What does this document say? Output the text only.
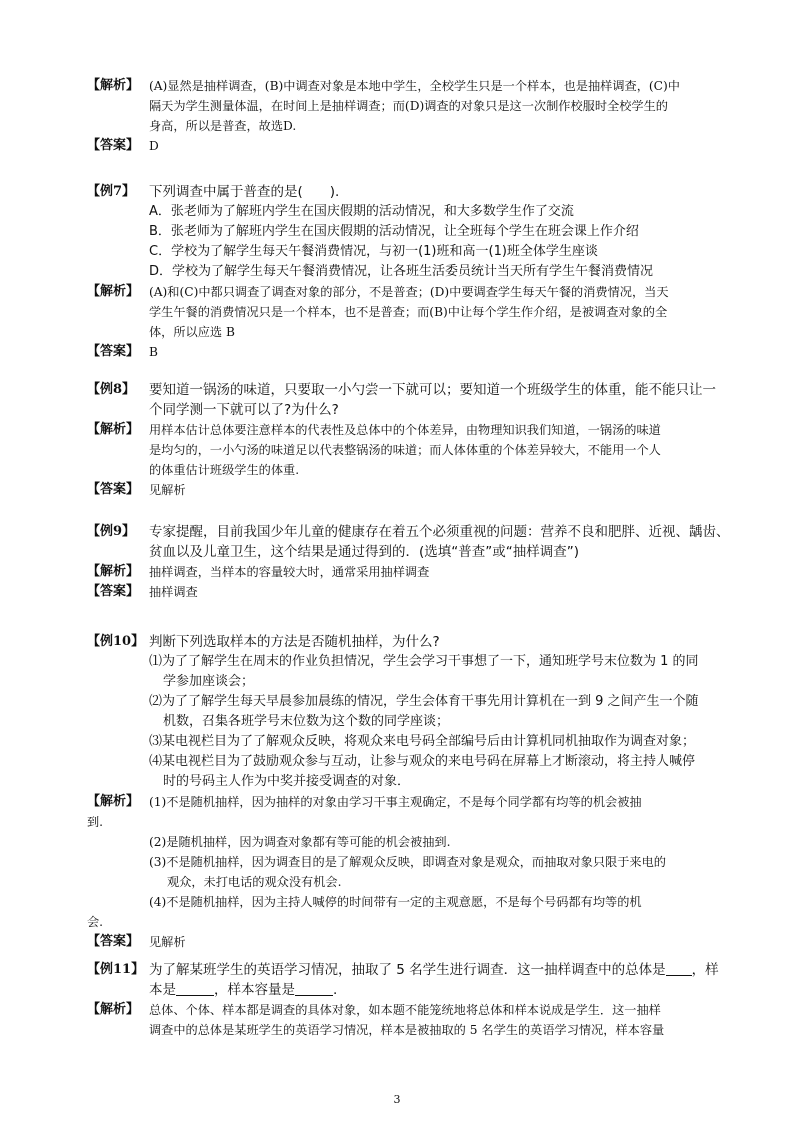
【解析】 (A)显然是抽样调查，(B)中调查对象是本地中学生，全校学生只是一个样本，也是抽样调查，(C)中
隔天为学生测量体温，在时间上是抽样调查；而(D)调查的对象只是这一次制作校服时全校学生的
身高，所以是普查，故选D.
【答案】 D
【例7】	下列调查中属于普查的是(　　).
A．张老师为了解班内学生在国庆假期的活动情况，和大多数学生作了交流
B．张老师为了解班内学生在国庆假期的活动情况，让全班每个学生在班会课上作介绍
C．学校为了解学生每天午餐消费情况，与初一(1)班和高一(1)班全体学生座谈
D．学校为了解学生每天午餐消费情况，让各班生活委员统计当天所有学生午餐消费情况
【解析】 (A)和(C)中都只调查了调查对象的部分，不是普查；(D)中要调查学生每天午餐的消费情况，当天
学生午餐的消费情况只是一个样本，也不是普查；而(B)中让每个学生作介绍，是被调查对象的全
体，所以应选 B
【答案】 B
【例8】	要知道一锅汤的味道，只要取一小勺尝一下就可以；要知道一个班级学生的体重，能不能只让一
个同学测一下就可以了?为什么?
【解析】 用样本估计总体要注意样本的代表性及总体中的个体差异，由物理知识我们知道，一锅汤的味道
是均匀的，一小勺汤的味道足以代表整锅汤的味道；而人体体重的个体差异较大，不能用一个人
的体重估计班级学生的体重.
【答案】 见解析
【例9】	专家提醒，目前我国少年儿童的健康存在着五个必须重视的问题：营养不良和肥胖、近视、龋齿、
贫血以及儿童卫生，这个结果是通过得到的．(选填“普查”或“抽样调查”)
【解析】 抽样调查，当样本的容量较大时，通常采用抽样调查
【答案】 抽样调查
【例10】 判断下列选取样本的方法是否随机抽样，为什么?
⑴为了了解学生在周末的作业负担情况，学生会学习干事想了一下，通知班学号末位数为 1 的同
学参加座谈会；
⑵为了了解学生每天早晨参加晨练的情况，学生会体育干事先用计算机在一到 9 之间产生一个随
机数，召集各班学号末位数为这个数的同学座谈；
⑶某电视栏目为了了解观众反映，将观众来电号码全部编号后由计算机同机抽取作为调查对象；
⑷某电视栏目为了鼓励观众参与互动，让参与观众的来电号码在屏幕上才断滚动，将主持人喊停
时的号码主人作为中奖并接受调查的对象．
【解析】 (1)不是随机抽样，因为抽样的对象由学习干事主观确定，不是每个同学都有均等的机会被抽
到.
(2)是随机抽样，因为调查对象都有等可能的机会被抽到.
(3)不是随机抽样，因为调查目的是了解观众反映，即调查对象是观众，而抽取对象只限于来电的
观众，未打电话的观众没有机会.
(4)不是随机抽样，因为主持人喊停的时间带有一定的主观意愿，不是每个号码都有均等的机
会.
【答案】 见解析
【例11】 为了解某班学生的英语学习情况，抽取了 5 名学生进行调查．这一抽样调查中的总体是 ，样
本是	，样本容量是	.
【解析】 总体、个体、样本都是调查的具体对象，如本题不能笼统地将总体和样本说成是学生．这一抽样
调查中的总体是某班学生的英语学习情况，样本是被抽取的 5 名学生的英语学习情况，样本容量
3
